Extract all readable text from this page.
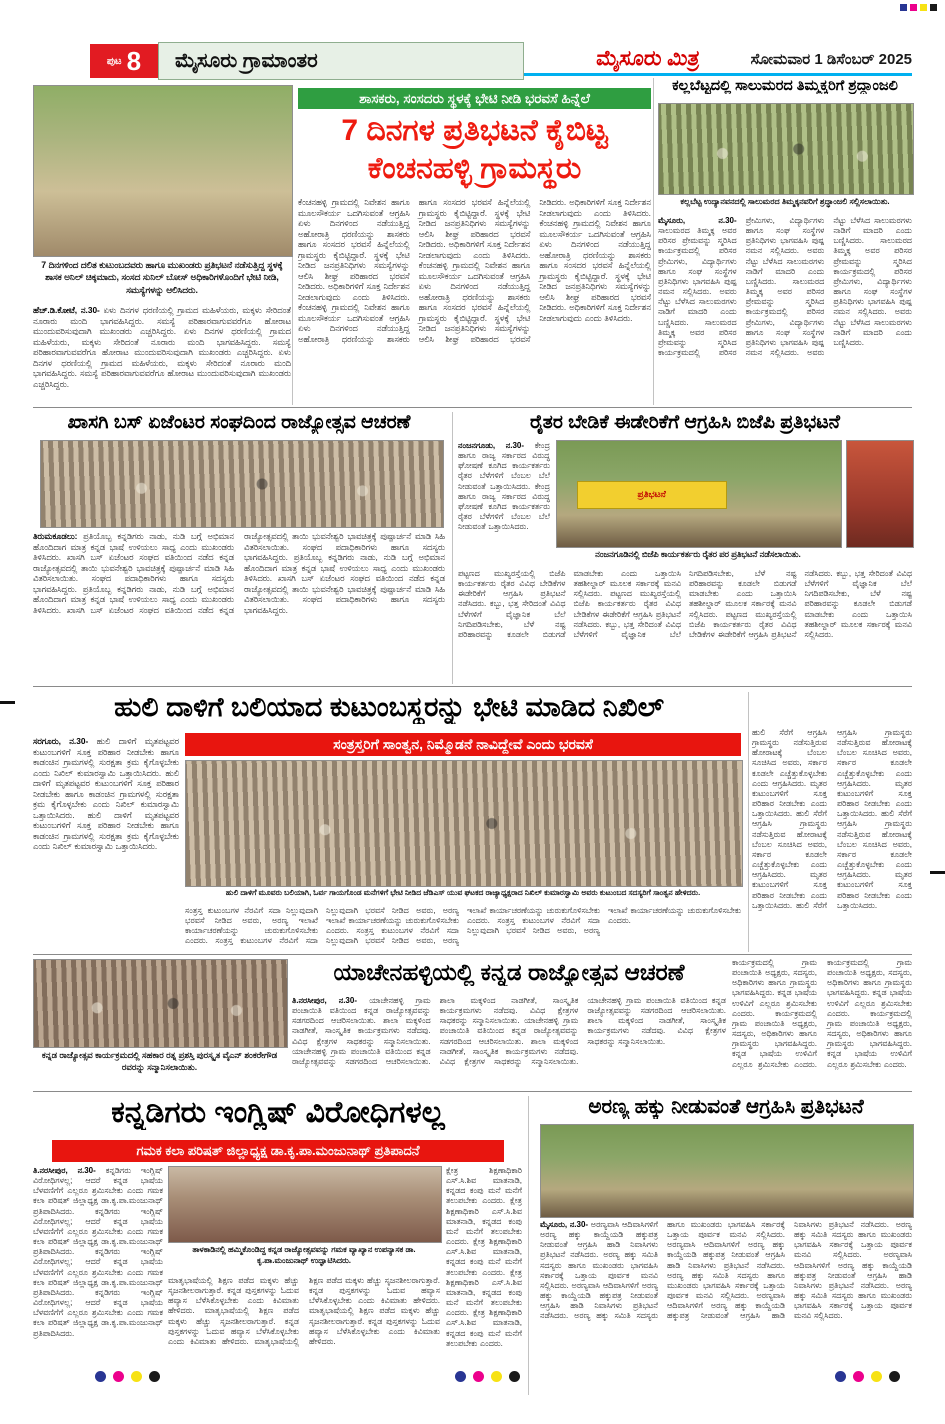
ಪುಟ 8 ಮೈಸೂರು ಗ್ರಾಮಾಂತರ	ಮೈಸೂರು ಮಿತ್ರ	ಸೋಮವಾರ 1 ಡಿಸೆಂಬರ್ 2025
7 ದಿನಗಳಿಂದ ದಲಿತ ಕುಟುಂಬದವರು ಹಾಗೂ ಮುಖಂಡರು ಪ್ರತಿಭಟನೆ ನಡೆಸುತ್ತಿದ್ದ ಸ್ಥಳಕ್ಕೆ ಶಾಸಕ ಅನಿಲ್ ಚಿಕ್ಕಮಾದು, ಸಂಸದ ಸುನಿಲ್ ಬೋಸ್ ಅಧಿಕಾರಿಗಳೊಂದಿಗೆ ಭೇಟಿ ನೀಡಿ, ಸಮಸ್ಯೆಗಳನ್ನು ಆಲಿಸಿದರು.
ಹೆಚ್.ಡಿ.ಕೋಟೆ, ನ.30- ಏಳು ದಿನಗಳ ಧರಣಿಯಲ್ಲಿ ಗ್ರಾಮದ ಮಹಿಳೆಯರು, ಮಕ್ಕಳು ಸೇರಿದಂತೆ ನೂರಾರು ಮಂದಿ ಭಾಗವಹಿಸಿದ್ದರು. ಸಮಸ್ಯೆ ಪರಿಹಾರವಾಗುವವರೆಗೂ ಹೋರಾಟ ಮುಂದುವರಿಸುವುದಾಗಿ ಮುಖಂಡರು ಎಚ್ಚರಿಸಿದ್ದರು. ಏಳು ದಿನಗಳ ಧರಣಿಯಲ್ಲಿ ಗ್ರಾಮದ ಮಹಿಳೆಯರು, ಮಕ್ಕಳು ಸೇರಿದಂತೆ ನೂರಾರು ಮಂದಿ ಭಾಗವಹಿಸಿದ್ದರು. ಸಮಸ್ಯೆ ಪರಿಹಾರವಾಗುವವರೆಗೂ ಹೋರಾಟ ಮುಂದುವರಿಸುವುದಾಗಿ ಮುಖಂಡರು ಎಚ್ಚರಿಸಿದ್ದರು. ಏಳು ದಿನಗಳ ಧರಣಿಯಲ್ಲಿ ಗ್ರಾಮದ ಮಹಿಳೆಯರು, ಮಕ್ಕಳು ಸೇರಿದಂತೆ ನೂರಾರು ಮಂದಿ ಭಾಗವಹಿಸಿದ್ದರು. ಸಮಸ್ಯೆ ಪರಿಹಾರವಾಗುವವರೆಗೂ ಹೋರಾಟ ಮುಂದುವರಿಸುವುದಾಗಿ ಮುಖಂಡರು ಎಚ್ಚರಿಸಿದ್ದರು.
ಶಾಸಕರು, ಸಂಸದರು ಸ್ಥಳಕ್ಕೆ ಭೇಟಿ ನೀಡಿ ಭರವಸೆ ಹಿನ್ನೆಲೆ
7 ದಿನಗಳ ಪ್ರತಿಭಟನೆ ಕೈಬಿಟ್ಟ
ಕೆಂಚನಹಳ್ಳಿ ಗ್ರಾಮಸ್ಥರು
ಕೆಂಚನಹಳ್ಳಿ ಗ್ರಾಮದಲ್ಲಿ ನಿವೇಶನ ಹಾಗೂ ಮೂಲಸೌಕರ್ಯ ಒದಗಿಸುವಂತೆ ಆಗ್ರಹಿಸಿ ಏಳು ದಿನಗಳಿಂದ ನಡೆಯುತ್ತಿದ್ದ ಅಹೋರಾತ್ರಿ ಧರಣಿಯನ್ನು ಶಾಸಕರು ಹಾಗೂ ಸಂಸದರ ಭರವಸೆ ಹಿನ್ನೆಲೆಯಲ್ಲಿ ಗ್ರಾಮಸ್ಥರು ಕೈಬಿಟ್ಟಿದ್ದಾರೆ. ಸ್ಥಳಕ್ಕೆ ಭೇಟಿ ನೀಡಿದ ಜನಪ್ರತಿನಿಧಿಗಳು ಸಮಸ್ಯೆಗಳನ್ನು ಆಲಿಸಿ ಶೀಘ್ರ ಪರಿಹಾರದ ಭರವಸೆ ನೀಡಿದರು. ಅಧಿಕಾರಿಗಳಿಗೆ ಸೂಕ್ತ ನಿರ್ದೇಶನ ನೀಡಲಾಗುವುದು ಎಂದು ತಿಳಿಸಿದರು. ಕೆಂಚನಹಳ್ಳಿ ಗ್ರಾಮದಲ್ಲಿ ನಿವೇಶನ ಹಾಗೂ ಮೂಲಸೌಕರ್ಯ ಒದಗಿಸುವಂತೆ ಆಗ್ರಹಿಸಿ ಏಳು ದಿನಗಳಿಂದ ನಡೆಯುತ್ತಿದ್ದ ಅಹೋರಾತ್ರಿ ಧರಣಿಯನ್ನು ಶಾಸಕರು ಹಾಗೂ ಸಂಸದರ ಭರವಸೆ ಹಿನ್ನೆಲೆಯಲ್ಲಿ ಗ್ರಾಮಸ್ಥರು ಕೈಬಿಟ್ಟಿದ್ದಾರೆ. ಸ್ಥಳಕ್ಕೆ ಭೇಟಿ ನೀಡಿದ ಜನಪ್ರತಿನಿಧಿಗಳು ಸಮಸ್ಯೆಗಳನ್ನು ಆಲಿಸಿ ಶೀಘ್ರ ಪರಿಹಾರದ ಭರವಸೆ ನೀಡಿದರು. ಅಧಿಕಾರಿಗಳಿಗೆ ಸೂಕ್ತ ನಿರ್ದೇಶನ ನೀಡಲಾಗುವುದು ಎಂದು ತಿಳಿಸಿದರು. ಕೆಂಚನಹಳ್ಳಿ ಗ್ರಾಮದಲ್ಲಿ ನಿವೇಶನ ಹಾಗೂ ಮೂಲಸೌಕರ್ಯ ಒದಗಿಸುವಂತೆ ಆಗ್ರಹಿಸಿ ಏಳು ದಿನಗಳಿಂದ ನಡೆಯುತ್ತಿದ್ದ ಅಹೋರಾತ್ರಿ ಧರಣಿಯನ್ನು ಶಾಸಕರು ಹಾಗೂ ಸಂಸದರ ಭರವಸೆ ಹಿನ್ನೆಲೆಯಲ್ಲಿ ಗ್ರಾಮಸ್ಥರು ಕೈಬಿಟ್ಟಿದ್ದಾರೆ. ಸ್ಥಳಕ್ಕೆ ಭೇಟಿ ನೀಡಿದ ಜನಪ್ರತಿನಿಧಿಗಳು ಸಮಸ್ಯೆಗಳನ್ನು ಆಲಿಸಿ ಶೀಘ್ರ ಪರಿಹಾರದ ಭರವಸೆ ನೀಡಿದರು. ಅಧಿಕಾರಿಗಳಿಗೆ ಸೂಕ್ತ ನಿರ್ದೇಶನ ನೀಡಲಾಗುವುದು ಎಂದು ತಿಳಿಸಿದರು. ಕೆಂಚನಹಳ್ಳಿ ಗ್ರಾಮದಲ್ಲಿ ನಿವೇಶನ ಹಾಗೂ ಮೂಲಸೌಕರ್ಯ ಒದಗಿಸುವಂತೆ ಆಗ್ರಹಿಸಿ ಏಳು ದಿನಗಳಿಂದ ನಡೆಯುತ್ತಿದ್ದ ಅಹೋರಾತ್ರಿ ಧರಣಿಯನ್ನು ಶಾಸಕರು ಹಾಗೂ ಸಂಸದರ ಭರವಸೆ ಹಿನ್ನೆಲೆಯಲ್ಲಿ ಗ್ರಾಮಸ್ಥರು ಕೈಬಿಟ್ಟಿದ್ದಾರೆ. ಸ್ಥಳಕ್ಕೆ ಭೇಟಿ ನೀಡಿದ ಜನಪ್ರತಿನಿಧಿಗಳು ಸಮಸ್ಯೆಗಳನ್ನು ಆಲಿಸಿ ಶೀಘ್ರ ಪರಿಹಾರದ ಭರವಸೆ ನೀಡಿದರು. ಅಧಿಕಾರಿಗಳಿಗೆ ಸೂಕ್ತ ನಿರ್ದೇಶನ ನೀಡಲಾಗುವುದು ಎಂದು ತಿಳಿಸಿದರು.
ಕಲ್ಲಬೆಟ್ಟದಲ್ಲಿ ಸಾಲುಮರದ ತಿಮ್ಮಕ್ಕರಿಗೆ ಶ್ರದ್ಧಾಂಜಲಿ
ಕಲ್ಲಬೆಟ್ಟ ಉದ್ಯಾನವನದಲ್ಲಿ ಸಾಲುಮರದ ತಿಮ್ಮಕ್ಕನವರಿಗೆ ಶ್ರದ್ಧಾಂಜಲಿ ಸಲ್ಲಿಸಲಾಯಿತು.
ಮೈಸೂರು, ನ.30- ಸಾಲುಮರದ ತಿಮ್ಮಕ್ಕ ಅವರ ಪರಿಸರ ಪ್ರೇಮವನ್ನು ಸ್ಮರಿಸಿದ ಕಾರ್ಯಕ್ರಮದಲ್ಲಿ ಪರಿಸರ ಪ್ರೇಮಿಗಳು, ವಿದ್ಯಾರ್ಥಿಗಳು ಹಾಗೂ ಸಂಘ ಸಂಸ್ಥೆಗಳ ಪ್ರತಿನಿಧಿಗಳು ಭಾಗವಹಿಸಿ ಪುಷ್ಪ ನಮನ ಸಲ್ಲಿಸಿದರು. ಅವರು ನೆಟ್ಟು ಬೆಳೆಸಿದ ಸಾಲುಮರಗಳು ನಾಡಿಗೆ ಮಾದರಿ ಎಂದು ಬಣ್ಣಿಸಿದರು. ಸಾಲುಮರದ ತಿಮ್ಮಕ್ಕ ಅವರ ಪರಿಸರ ಪ್ರೇಮವನ್ನು ಸ್ಮರಿಸಿದ ಕಾರ್ಯಕ್ರಮದಲ್ಲಿ ಪರಿಸರ ಪ್ರೇಮಿಗಳು, ವಿದ್ಯಾರ್ಥಿಗಳು ಹಾಗೂ ಸಂಘ ಸಂಸ್ಥೆಗಳ ಪ್ರತಿನಿಧಿಗಳು ಭಾಗವಹಿಸಿ ಪುಷ್ಪ ನಮನ ಸಲ್ಲಿಸಿದರು. ಅವರು ನೆಟ್ಟು ಬೆಳೆಸಿದ ಸಾಲುಮರಗಳು ನಾಡಿಗೆ ಮಾದರಿ ಎಂದು ಬಣ್ಣಿಸಿದರು. ಸಾಲುಮರದ ತಿಮ್ಮಕ್ಕ ಅವರ ಪರಿಸರ ಪ್ರೇಮವನ್ನು ಸ್ಮರಿಸಿದ ಕಾರ್ಯಕ್ರಮದಲ್ಲಿ ಪರಿಸರ ಪ್ರೇಮಿಗಳು, ವಿದ್ಯಾರ್ಥಿಗಳು ಹಾಗೂ ಸಂಘ ಸಂಸ್ಥೆಗಳ ಪ್ರತಿನಿಧಿಗಳು ಭಾಗವಹಿಸಿ ಪುಷ್ಪ ನಮನ ಸಲ್ಲಿಸಿದರು. ಅವರು ನೆಟ್ಟು ಬೆಳೆಸಿದ ಸಾಲುಮರಗಳು ನಾಡಿಗೆ ಮಾದರಿ ಎಂದು ಬಣ್ಣಿಸಿದರು. ಸಾಲುಮರದ ತಿಮ್ಮಕ್ಕ ಅವರ ಪರಿಸರ ಪ್ರೇಮವನ್ನು ಸ್ಮರಿಸಿದ ಕಾರ್ಯಕ್ರಮದಲ್ಲಿ ಪರಿಸರ ಪ್ರೇಮಿಗಳು, ವಿದ್ಯಾರ್ಥಿಗಳು ಹಾಗೂ ಸಂಘ ಸಂಸ್ಥೆಗಳ ಪ್ರತಿನಿಧಿಗಳು ಭಾಗವಹಿಸಿ ಪುಷ್ಪ ನಮನ ಸಲ್ಲಿಸಿದರು. ಅವರು ನೆಟ್ಟು ಬೆಳೆಸಿದ ಸಾಲುಮರಗಳು ನಾಡಿಗೆ ಮಾದರಿ ಎಂದು ಬಣ್ಣಿಸಿದರು.
ಖಾಸಗಿ ಬಸ್ ಏಜೆಂಟರ ಸಂಘದಿಂದ ರಾಜ್ಯೋತ್ಸವ ಆಚರಣೆ
ತಿರುಮಕೂಡಲು: ಪ್ರತಿಯೊಬ್ಬ ಕನ್ನಡಿಗರು ನಾಡು, ನುಡಿ ಬಗ್ಗೆ ಅಭಿಮಾನ ಹೊಂದಿದಾಗ ಮಾತ್ರ ಕನ್ನಡ ಭಾಷೆ ಉಳಿಯಲು ಸಾಧ್ಯ ಎಂದು ಮುಖಂಡರು ತಿಳಿಸಿದರು. ಖಾಸಗಿ ಬಸ್ ಏಜೆಂಟರ ಸಂಘದ ವತಿಯಿಂದ ನಡೆದ ಕನ್ನಡ ರಾಜ್ಯೋತ್ಸವದಲ್ಲಿ ತಾಯಿ ಭುವನೇಶ್ವರಿ ಭಾವಚಿತ್ರಕ್ಕೆ ಪುಷ್ಪಾರ್ಚನೆ ಮಾಡಿ ಸಿಹಿ ವಿತರಿಸಲಾಯಿತು. ಸಂಘದ ಪದಾಧಿಕಾರಿಗಳು ಹಾಗೂ ಸದಸ್ಯರು ಭಾಗವಹಿಸಿದ್ದರು. ಪ್ರತಿಯೊಬ್ಬ ಕನ್ನಡಿಗರು ನಾಡು, ನುಡಿ ಬಗ್ಗೆ ಅಭಿಮಾನ ಹೊಂದಿದಾಗ ಮಾತ್ರ ಕನ್ನಡ ಭಾಷೆ ಉಳಿಯಲು ಸಾಧ್ಯ ಎಂದು ಮುಖಂಡರು ತಿಳಿಸಿದರು. ಖಾಸಗಿ ಬಸ್ ಏಜೆಂಟರ ಸಂಘದ ವತಿಯಿಂದ ನಡೆದ ಕನ್ನಡ ರಾಜ್ಯೋತ್ಸವದಲ್ಲಿ ತಾಯಿ ಭುವನೇಶ್ವರಿ ಭಾವಚಿತ್ರಕ್ಕೆ ಪುಷ್ಪಾರ್ಚನೆ ಮಾಡಿ ಸಿಹಿ ವಿತರಿಸಲಾಯಿತು. ಸಂಘದ ಪದಾಧಿಕಾರಿಗಳು ಹಾಗೂ ಸದಸ್ಯರು ಭಾಗವಹಿಸಿದ್ದರು. ಪ್ರತಿಯೊಬ್ಬ ಕನ್ನಡಿಗರು ನಾಡು, ನುಡಿ ಬಗ್ಗೆ ಅಭಿಮಾನ ಹೊಂದಿದಾಗ ಮಾತ್ರ ಕನ್ನಡ ಭಾಷೆ ಉಳಿಯಲು ಸಾಧ್ಯ ಎಂದು ಮುಖಂಡರು ತಿಳಿಸಿದರು. ಖಾಸಗಿ ಬಸ್ ಏಜೆಂಟರ ಸಂಘದ ವತಿಯಿಂದ ನಡೆದ ಕನ್ನಡ ರಾಜ್ಯೋತ್ಸವದಲ್ಲಿ ತಾಯಿ ಭುವನೇಶ್ವರಿ ಭಾವಚಿತ್ರಕ್ಕೆ ಪುಷ್ಪಾರ್ಚನೆ ಮಾಡಿ ಸಿಹಿ ವಿತರಿಸಲಾಯಿತು. ಸಂಘದ ಪದಾಧಿಕಾರಿಗಳು ಹಾಗೂ ಸದಸ್ಯರು ಭಾಗವಹಿಸಿದ್ದರು.
ರೈತರ ಬೇಡಿಕೆ ಈಡೇರಿಕೆಗೆ ಆಗ್ರಹಿಸಿ ಬಿಜೆಪಿ ಪ್ರತಿಭಟನೆ
ನಂಜನಗೂಡು, ನ.30- ಕೇಂದ್ರ ಹಾಗೂ ರಾಜ್ಯ ಸರ್ಕಾರದ ವಿರುದ್ಧ ಘೋಷಣೆ ಕೂಗಿದ ಕಾರ್ಯಕರ್ತರು ರೈತರ ಬೆಳೆಗಳಿಗೆ ಬೆಂಬಲ ಬೆಲೆ ನೀಡುವಂತೆ ಒತ್ತಾಯಿಸಿದರು. ಕೇಂದ್ರ ಹಾಗೂ ರಾಜ್ಯ ಸರ್ಕಾರದ ವಿರುದ್ಧ ಘೋಷಣೆ ಕೂಗಿದ ಕಾರ್ಯಕರ್ತರು ರೈತರ ಬೆಳೆಗಳಿಗೆ ಬೆಂಬಲ ಬೆಲೆ ನೀಡುವಂತೆ ಒತ್ತಾಯಿಸಿದರು.
ಪ್ರತಿಭಟನೆ
ನಂಜನಗೂಡಿನಲ್ಲಿ ಬಿಜೆಪಿ ಕಾರ್ಯಕರ್ತರು ರೈತರ ಪರ ಪ್ರತಿಭಟನೆ ನಡೆಸಲಾಯಿತು.
ಪಟ್ಟಣದ ಮುಖ್ಯರಸ್ತೆಯಲ್ಲಿ ಬಿಜೆಪಿ ಕಾರ್ಯಕರ್ತರು ರೈತರ ವಿವಿಧ ಬೇಡಿಕೆಗಳ ಈಡೇರಿಕೆಗೆ ಆಗ್ರಹಿಸಿ ಪ್ರತಿಭಟನೆ ನಡೆಸಿದರು. ಕಬ್ಬು, ಭತ್ತ ಸೇರಿದಂತೆ ವಿವಿಧ ಬೆಳೆಗಳಿಗೆ ವೈಜ್ಞಾನಿಕ ಬೆಲೆ ನಿಗದಿಪಡಿಸಬೇಕು, ಬೆಳೆ ನಷ್ಟ ಪರಿಹಾರವನ್ನು ಕೂಡಲೇ ಬಿಡುಗಡೆ ಮಾಡಬೇಕು ಎಂದು ಒತ್ತಾಯಿಸಿ ತಹಶೀಲ್ದಾರ್ ಮೂಲಕ ಸರ್ಕಾರಕ್ಕೆ ಮನವಿ ಸಲ್ಲಿಸಿದರು. ಪಟ್ಟಣದ ಮುಖ್ಯರಸ್ತೆಯಲ್ಲಿ ಬಿಜೆಪಿ ಕಾರ್ಯಕರ್ತರು ರೈತರ ವಿವಿಧ ಬೇಡಿಕೆಗಳ ಈಡೇರಿಕೆಗೆ ಆಗ್ರಹಿಸಿ ಪ್ರತಿಭಟನೆ ನಡೆಸಿದರು. ಕಬ್ಬು, ಭತ್ತ ಸೇರಿದಂತೆ ವಿವಿಧ ಬೆಳೆಗಳಿಗೆ ವೈಜ್ಞಾನಿಕ ಬೆಲೆ ನಿಗದಿಪಡಿಸಬೇಕು, ಬೆಳೆ ನಷ್ಟ ಪರಿಹಾರವನ್ನು ಕೂಡಲೇ ಬಿಡುಗಡೆ ಮಾಡಬೇಕು ಎಂದು ಒತ್ತಾಯಿಸಿ ತಹಶೀಲ್ದಾರ್ ಮೂಲಕ ಸರ್ಕಾರಕ್ಕೆ ಮನವಿ ಸಲ್ಲಿಸಿದರು. ಪಟ್ಟಣದ ಮುಖ್ಯರಸ್ತೆಯಲ್ಲಿ ಬಿಜೆಪಿ ಕಾರ್ಯಕರ್ತರು ರೈತರ ವಿವಿಧ ಬೇಡಿಕೆಗಳ ಈಡೇರಿಕೆಗೆ ಆಗ್ರಹಿಸಿ ಪ್ರತಿಭಟನೆ ನಡೆಸಿದರು. ಕಬ್ಬು, ಭತ್ತ ಸೇರಿದಂತೆ ವಿವಿಧ ಬೆಳೆಗಳಿಗೆ ವೈಜ್ಞಾನಿಕ ಬೆಲೆ ನಿಗದಿಪಡಿಸಬೇಕು, ಬೆಳೆ ನಷ್ಟ ಪರಿಹಾರವನ್ನು ಕೂಡಲೇ ಬಿಡುಗಡೆ ಮಾಡಬೇಕು ಎಂದು ಒತ್ತಾಯಿಸಿ ತಹಶೀಲ್ದಾರ್ ಮೂಲಕ ಸರ್ಕಾರಕ್ಕೆ ಮನವಿ ಸಲ್ಲಿಸಿದರು.
ಹುಲಿ ದಾಳಿಗೆ ಬಲಿಯಾದ ಕುಟುಂಬಸ್ಥರನ್ನು ಭೇಟಿ ಮಾಡಿದ ನಿಖಿಲ್
ಸಂತ್ರಸ್ತರಿಗೆ ಸಾಂತ್ವನ, ನಿಮ್ಮೊಡನೆ ನಾವಿದ್ದೇವೆ ಎಂದು ಭರವಸೆ
ಸರಗೂರು, ನ.30- ಹುಲಿ ದಾಳಿಗೆ ಮೃತಪಟ್ಟವರ ಕುಟುಂಬಗಳಿಗೆ ಸೂಕ್ತ ಪರಿಹಾರ ನೀಡಬೇಕು ಹಾಗೂ ಕಾಡಂಚಿನ ಗ್ರಾಮಗಳಲ್ಲಿ ಸುರಕ್ಷತಾ ಕ್ರಮ ಕೈಗೊಳ್ಳಬೇಕು ಎಂದು ನಿಖಿಲ್ ಕುಮಾರಸ್ವಾಮಿ ಒತ್ತಾಯಿಸಿದರು. ಹುಲಿ ದಾಳಿಗೆ ಮೃತಪಟ್ಟವರ ಕುಟುಂಬಗಳಿಗೆ ಸೂಕ್ತ ಪರಿಹಾರ ನೀಡಬೇಕು ಹಾಗೂ ಕಾಡಂಚಿನ ಗ್ರಾಮಗಳಲ್ಲಿ ಸುರಕ್ಷತಾ ಕ್ರಮ ಕೈಗೊಳ್ಳಬೇಕು ಎಂದು ನಿಖಿಲ್ ಕುಮಾರಸ್ವಾಮಿ ಒತ್ತಾಯಿಸಿದರು. ಹುಲಿ ದಾಳಿಗೆ ಮೃತಪಟ್ಟವರ ಕುಟುಂಬಗಳಿಗೆ ಸೂಕ್ತ ಪರಿಹಾರ ನೀಡಬೇಕು ಹಾಗೂ ಕಾಡಂಚಿನ ಗ್ರಾಮಗಳಲ್ಲಿ ಸುರಕ್ಷತಾ ಕ್ರಮ ಕೈಗೊಳ್ಳಬೇಕು ಎಂದು ನಿಖಿಲ್ ಕುಮಾರಸ್ವಾಮಿ ಒತ್ತಾಯಿಸಿದರು.
ಹುಲಿ ದಾಳಿಗೆ ಮೂವರು ಬಲಿಯಾಗಿ, ಓರ್ವ ಗಾಯಗೊಂಡ ಮನೆಗಳಿಗೆ ಭೇಟಿ ನೀಡಿದ ಜೆಡಿಎಸ್ ಯುವ ಘಟಕದ ರಾಜ್ಯಾಧ್ಯಕ್ಷರಾದ ನಿಖಿಲ್ ಕುಮಾರಸ್ವಾಮಿ ಅವರು ಕುಟುಂಬದ ಸದಸ್ಯರಿಗೆ ಸಾಂತ್ವನ ಹೇಳಿದರು.
ಸಂತ್ರಸ್ತ ಕುಟುಂಬಗಳ ನೆರವಿಗೆ ಸದಾ ನಿಲ್ಲುವುದಾಗಿ ಭರವಸೆ ನೀಡಿದ ಅವರು, ಅರಣ್ಯ ಇಲಾಖೆ ಕಾರ್ಯಾಚರಣೆಯನ್ನು ಚುರುಕುಗೊಳಿಸಬೇಕು ಎಂದರು. ಸಂತ್ರಸ್ತ ಕುಟುಂಬಗಳ ನೆರವಿಗೆ ಸದಾ ನಿಲ್ಲುವುದಾಗಿ ಭರವಸೆ ನೀಡಿದ ಅವರು, ಅರಣ್ಯ ಇಲಾಖೆ ಕಾರ್ಯಾಚರಣೆಯನ್ನು ಚುರುಕುಗೊಳಿಸಬೇಕು ಎಂದರು. ಸಂತ್ರಸ್ತ ಕುಟುಂಬಗಳ ನೆರವಿಗೆ ಸದಾ ನಿಲ್ಲುವುದಾಗಿ ಭರವಸೆ ನೀಡಿದ ಅವರು, ಅರಣ್ಯ ಇಲಾಖೆ ಕಾರ್ಯಾಚರಣೆಯನ್ನು ಚುರುಕುಗೊಳಿಸಬೇಕು ಎಂದರು. ಸಂತ್ರಸ್ತ ಕುಟುಂಬಗಳ ನೆರವಿಗೆ ಸದಾ ನಿಲ್ಲುವುದಾಗಿ ಭರವಸೆ ನೀಡಿದ ಅವರು, ಅರಣ್ಯ ಇಲಾಖೆ ಕಾರ್ಯಾಚರಣೆಯನ್ನು ಚುರುಕುಗೊಳಿಸಬೇಕು ಎಂದರು.
ಹುಲಿ ಸೆರೆಗೆ ಆಗ್ರಹಿಸಿ ಗ್ರಾಮಸ್ಥರು ನಡೆಸುತ್ತಿರುವ ಹೋರಾಟಕ್ಕೆ ಬೆಂಬಲ ಸೂಚಿಸಿದ ಅವರು, ಸರ್ಕಾರ ಕೂಡಲೇ ಎಚ್ಚೆತ್ತುಕೊಳ್ಳಬೇಕು ಎಂದು ಆಗ್ರಹಿಸಿದರು. ಮೃತರ ಕುಟುಂಬಗಳಿಗೆ ಸೂಕ್ತ ಪರಿಹಾರ ನೀಡಬೇಕು ಎಂದು ಒತ್ತಾಯಿಸಿದರು. ಹುಲಿ ಸೆರೆಗೆ ಆಗ್ರಹಿಸಿ ಗ್ರಾಮಸ್ಥರು ನಡೆಸುತ್ತಿರುವ ಹೋರಾಟಕ್ಕೆ ಬೆಂಬಲ ಸೂಚಿಸಿದ ಅವರು, ಸರ್ಕಾರ ಕೂಡಲೇ ಎಚ್ಚೆತ್ತುಕೊಳ್ಳಬೇಕು ಎಂದು ಆಗ್ರಹಿಸಿದರು. ಮೃತರ ಕುಟುಂಬಗಳಿಗೆ ಸೂಕ್ತ ಪರಿಹಾರ ನೀಡಬೇಕು ಎಂದು ಒತ್ತಾಯಿಸಿದರು. ಹುಲಿ ಸೆರೆಗೆ ಆಗ್ರಹಿಸಿ ಗ್ರಾಮಸ್ಥರು ನಡೆಸುತ್ತಿರುವ ಹೋರಾಟಕ್ಕೆ ಬೆಂಬಲ ಸೂಚಿಸಿದ ಅವರು, ಸರ್ಕಾರ ಕೂಡಲೇ ಎಚ್ಚೆತ್ತುಕೊಳ್ಳಬೇಕು ಎಂದು ಆಗ್ರಹಿಸಿದರು. ಮೃತರ ಕುಟುಂಬಗಳಿಗೆ ಸೂಕ್ತ ಪರಿಹಾರ ನೀಡಬೇಕು ಎಂದು ಒತ್ತಾಯಿಸಿದರು. ಹುಲಿ ಸೆರೆಗೆ ಆಗ್ರಹಿಸಿ ಗ್ರಾಮಸ್ಥರು ನಡೆಸುತ್ತಿರುವ ಹೋರಾಟಕ್ಕೆ ಬೆಂಬಲ ಸೂಚಿಸಿದ ಅವರು, ಸರ್ಕಾರ ಕೂಡಲೇ ಎಚ್ಚೆತ್ತುಕೊಳ್ಳಬೇಕು ಎಂದು ಆಗ್ರಹಿಸಿದರು. ಮೃತರ ಕುಟುಂಬಗಳಿಗೆ ಸೂಕ್ತ ಪರಿಹಾರ ನೀಡಬೇಕು ಎಂದು ಒತ್ತಾಯಿಸಿದರು.
ಕನ್ನಡ ರಾಜ್ಯೋತ್ಸವ ಕಾರ್ಯಕ್ರಮದಲ್ಲಿ ಸಹಕಾರ ರತ್ನ ಪ್ರಶಸ್ತಿ ಪುರಸ್ಕೃತ ವೈಎನ್ ಶಂಕರೇಗೌಡ ರವರನ್ನು ಸನ್ಮಾನಿಸಲಾಯಿತು.
ಯಾಚೇನಹಳ್ಳಿಯಲ್ಲಿ ಕನ್ನಡ ರಾಜ್ಯೋತ್ಸವ ಆಚರಣೆ
ತಿ.ನರಸೀಪುರ, ನ.30- ಯಾಚೇನಹಳ್ಳಿ ಗ್ರಾಮ ಪಂಚಾಯಿತಿ ವತಿಯಿಂದ ಕನ್ನಡ ರಾಜ್ಯೋತ್ಸವವನ್ನು ಸಡಗರದಿಂದ ಆಚರಿಸಲಾಯಿತು. ಶಾಲಾ ಮಕ್ಕಳಿಂದ ನಾಡಗೀತೆ, ಸಾಂಸ್ಕೃತಿಕ ಕಾರ್ಯಕ್ರಮಗಳು ನಡೆದವು. ವಿವಿಧ ಕ್ಷೇತ್ರಗಳ ಸಾಧಕರನ್ನು ಸನ್ಮಾನಿಸಲಾಯಿತು. ಯಾಚೇನಹಳ್ಳಿ ಗ್ರಾಮ ಪಂಚಾಯಿತಿ ವತಿಯಿಂದ ಕನ್ನಡ ರಾಜ್ಯೋತ್ಸವವನ್ನು ಸಡಗರದಿಂದ ಆಚರಿಸಲಾಯಿತು. ಶಾಲಾ ಮಕ್ಕಳಿಂದ ನಾಡಗೀತೆ, ಸಾಂಸ್ಕೃತಿಕ ಕಾರ್ಯಕ್ರಮಗಳು ನಡೆದವು. ವಿವಿಧ ಕ್ಷೇತ್ರಗಳ ಸಾಧಕರನ್ನು ಸನ್ಮಾನಿಸಲಾಯಿತು. ಯಾಚೇನಹಳ್ಳಿ ಗ್ರಾಮ ಪಂಚಾಯಿತಿ ವತಿಯಿಂದ ಕನ್ನಡ ರಾಜ್ಯೋತ್ಸವವನ್ನು ಸಡಗರದಿಂದ ಆಚರಿಸಲಾಯಿತು. ಶಾಲಾ ಮಕ್ಕಳಿಂದ ನಾಡಗೀತೆ, ಸಾಂಸ್ಕೃತಿಕ ಕಾರ್ಯಕ್ರಮಗಳು ನಡೆದವು. ವಿವಿಧ ಕ್ಷೇತ್ರಗಳ ಸಾಧಕರನ್ನು ಸನ್ಮಾನಿಸಲಾಯಿತು. ಯಾಚೇನಹಳ್ಳಿ ಗ್ರಾಮ ಪಂಚಾಯಿತಿ ವತಿಯಿಂದ ಕನ್ನಡ ರಾಜ್ಯೋತ್ಸವವನ್ನು ಸಡಗರದಿಂದ ಆಚರಿಸಲಾಯಿತು. ಶಾಲಾ ಮಕ್ಕಳಿಂದ ನಾಡಗೀತೆ, ಸಾಂಸ್ಕೃತಿಕ ಕಾರ್ಯಕ್ರಮಗಳು ನಡೆದವು. ವಿವಿಧ ಕ್ಷೇತ್ರಗಳ ಸಾಧಕರನ್ನು ಸನ್ಮಾನಿಸಲಾಯಿತು.
ಕಾರ್ಯಕ್ರಮದಲ್ಲಿ ಗ್ರಾಮ ಪಂಚಾಯಿತಿ ಅಧ್ಯಕ್ಷರು, ಸದಸ್ಯರು, ಅಧಿಕಾರಿಗಳು ಹಾಗೂ ಗ್ರಾಮಸ್ಥರು ಭಾಗವಹಿಸಿದ್ದರು. ಕನ್ನಡ ಭಾಷೆಯ ಉಳಿವಿಗೆ ಎಲ್ಲರೂ ಶ್ರಮಿಸಬೇಕು ಎಂದರು. ಕಾರ್ಯಕ್ರಮದಲ್ಲಿ ಗ್ರಾಮ ಪಂಚಾಯಿತಿ ಅಧ್ಯಕ್ಷರು, ಸದಸ್ಯರು, ಅಧಿಕಾರಿಗಳು ಹಾಗೂ ಗ್ರಾಮಸ್ಥರು ಭಾಗವಹಿಸಿದ್ದರು. ಕನ್ನಡ ಭಾಷೆಯ ಉಳಿವಿಗೆ ಎಲ್ಲರೂ ಶ್ರಮಿಸಬೇಕು ಎಂದರು. ಕಾರ್ಯಕ್ರಮದಲ್ಲಿ ಗ್ರಾಮ ಪಂಚಾಯಿತಿ ಅಧ್ಯಕ್ಷರು, ಸದಸ್ಯರು, ಅಧಿಕಾರಿಗಳು ಹಾಗೂ ಗ್ರಾಮಸ್ಥರು ಭಾಗವಹಿಸಿದ್ದರು. ಕನ್ನಡ ಭಾಷೆಯ ಉಳಿವಿಗೆ ಎಲ್ಲರೂ ಶ್ರಮಿಸಬೇಕು ಎಂದರು. ಕಾರ್ಯಕ್ರಮದಲ್ಲಿ ಗ್ರಾಮ ಪಂಚಾಯಿತಿ ಅಧ್ಯಕ್ಷರು, ಸದಸ್ಯರು, ಅಧಿಕಾರಿಗಳು ಹಾಗೂ ಗ್ರಾಮಸ್ಥರು ಭಾಗವಹಿಸಿದ್ದರು. ಕನ್ನಡ ಭಾಷೆಯ ಉಳಿವಿಗೆ ಎಲ್ಲರೂ ಶ್ರಮಿಸಬೇಕು ಎಂದರು.
ಕನ್ನಡಿಗರು ಇಂಗ್ಲಿಷ್ ವಿರೋಧಿಗಳಲ್ಲ
ಗಮಕ ಕಲಾ ಪರಿಷತ್ ಜಿಲ್ಲಾಧ್ಯಕ್ಷ ಡಾ.ಕೃ.ಪಾ.ಮಂಜುನಾಥ್ ಪ್ರತಿಪಾದನೆ
ತಿ.ನರಸೀಪುರ, ನ.30- ಕನ್ನಡಿಗರು ಇಂಗ್ಲಿಷ್ ವಿರೋಧಿಗಳಲ್ಲ; ಆದರೆ ಕನ್ನಡ ಭಾಷೆಯ ಬೆಳವಣಿಗೆಗೆ ಎಲ್ಲರೂ ಶ್ರಮಿಸಬೇಕು ಎಂದು ಗಮಕ ಕಲಾ ಪರಿಷತ್ ಜಿಲ್ಲಾಧ್ಯಕ್ಷ ಡಾ.ಕೃ.ಪಾ.ಮಂಜುನಾಥ್ ಪ್ರತಿಪಾದಿಸಿದರು. ಕನ್ನಡಿಗರು ಇಂಗ್ಲಿಷ್ ವಿರೋಧಿಗಳಲ್ಲ; ಆದರೆ ಕನ್ನಡ ಭಾಷೆಯ ಬೆಳವಣಿಗೆಗೆ ಎಲ್ಲರೂ ಶ್ರಮಿಸಬೇಕು ಎಂದು ಗಮಕ ಕಲಾ ಪರಿಷತ್ ಜಿಲ್ಲಾಧ್ಯಕ್ಷ ಡಾ.ಕೃ.ಪಾ.ಮಂಜುನಾಥ್ ಪ್ರತಿಪಾದಿಸಿದರು. ಕನ್ನಡಿಗರು ಇಂಗ್ಲಿಷ್ ವಿರೋಧಿಗಳಲ್ಲ; ಆದರೆ ಕನ್ನಡ ಭಾಷೆಯ ಬೆಳವಣಿಗೆಗೆ ಎಲ್ಲರೂ ಶ್ರಮಿಸಬೇಕು ಎಂದು ಗಮಕ ಕಲಾ ಪರಿಷತ್ ಜಿಲ್ಲಾಧ್ಯಕ್ಷ ಡಾ.ಕೃ.ಪಾ.ಮಂಜುನಾಥ್ ಪ್ರತಿಪಾದಿಸಿದರು. ಕನ್ನಡಿಗರು ಇಂಗ್ಲಿಷ್ ವಿರೋಧಿಗಳಲ್ಲ; ಆದರೆ ಕನ್ನಡ ಭಾಷೆಯ ಬೆಳವಣಿಗೆಗೆ ಎಲ್ಲರೂ ಶ್ರಮಿಸಬೇಕು ಎಂದು ಗಮಕ ಕಲಾ ಪರಿಷತ್ ಜಿಲ್ಲಾಧ್ಯಕ್ಷ ಡಾ.ಕೃ.ಪಾ.ಮಂಜುನಾಥ್ ಪ್ರತಿಪಾದಿಸಿದರು.
ತಾಳಕಾಡಿನಲ್ಲಿ ಹಮ್ಮಿಕೊಂಡಿದ್ದ ಕನ್ನಡ ರಾಜ್ಯೋತ್ಸವವನ್ನು ಗಮಕ ವ್ಯಾಖ್ಯಾನ ಉಪನ್ಯಾಸಕ ಡಾ. ಕೃ.ಪಾ.ಮಂಜುನಾಥ್ ಉದ್ಘಾಟಿಸಿದರು.
ಮಾತೃಭಾಷೆಯಲ್ಲಿ ಶಿಕ್ಷಣ ಪಡೆದ ಮಕ್ಕಳು ಹೆಚ್ಚು ಸೃಜನಶೀಲರಾಗುತ್ತಾರೆ. ಕನ್ನಡ ಪುಸ್ತಕಗಳನ್ನು ಓದುವ ಹವ್ಯಾಸ ಬೆಳೆಸಿಕೊಳ್ಳಬೇಕು ಎಂದು ಕಿವಿಮಾತು ಹೇಳಿದರು. ಮಾತೃಭಾಷೆಯಲ್ಲಿ ಶಿಕ್ಷಣ ಪಡೆದ ಮಕ್ಕಳು ಹೆಚ್ಚು ಸೃಜನಶೀಲರಾಗುತ್ತಾರೆ. ಕನ್ನಡ ಪುಸ್ತಕಗಳನ್ನು ಓದುವ ಹವ್ಯಾಸ ಬೆಳೆಸಿಕೊಳ್ಳಬೇಕು ಎಂದು ಕಿವಿಮಾತು ಹೇಳಿದರು. ಮಾತೃಭಾಷೆಯಲ್ಲಿ ಶಿಕ್ಷಣ ಪಡೆದ ಮಕ್ಕಳು ಹೆಚ್ಚು ಸೃಜನಶೀಲರಾಗುತ್ತಾರೆ. ಕನ್ನಡ ಪುಸ್ತಕಗಳನ್ನು ಓದುವ ಹವ್ಯಾಸ ಬೆಳೆಸಿಕೊಳ್ಳಬೇಕು ಎಂದು ಕಿವಿಮಾತು ಹೇಳಿದರು. ಮಾತೃಭಾಷೆಯಲ್ಲಿ ಶಿಕ್ಷಣ ಪಡೆದ ಮಕ್ಕಳು ಹೆಚ್ಚು ಸೃಜನಶೀಲರಾಗುತ್ತಾರೆ. ಕನ್ನಡ ಪುಸ್ತಕಗಳನ್ನು ಓದುವ ಹವ್ಯಾಸ ಬೆಳೆಸಿಕೊಳ್ಳಬೇಕು ಎಂದು ಕಿವಿಮಾತು ಹೇಳಿದರು.
ಕ್ಷೇತ್ರ ಶಿಕ್ಷಣಾಧಿಕಾರಿ ಎಸ್.ಸಿ.ಶಿವ ಮಾತನಾಡಿ, ಕನ್ನಡದ ಕಂಪು ಮನೆ ಮನೆಗೆ ತಲುಪಬೇಕು ಎಂದರು. ಕ್ಷೇತ್ರ ಶಿಕ್ಷಣಾಧಿಕಾರಿ ಎಸ್.ಸಿ.ಶಿವ ಮಾತನಾಡಿ, ಕನ್ನಡದ ಕಂಪು ಮನೆ ಮನೆಗೆ ತಲುಪಬೇಕು ಎಂದರು. ಕ್ಷೇತ್ರ ಶಿಕ್ಷಣಾಧಿಕಾರಿ ಎಸ್.ಸಿ.ಶಿವ ಮಾತನಾಡಿ, ಕನ್ನಡದ ಕಂಪು ಮನೆ ಮನೆಗೆ ತಲುಪಬೇಕು ಎಂದರು. ಕ್ಷೇತ್ರ ಶಿಕ್ಷಣಾಧಿಕಾರಿ ಎಸ್.ಸಿ.ಶಿವ ಮಾತನಾಡಿ, ಕನ್ನಡದ ಕಂಪು ಮನೆ ಮನೆಗೆ ತಲುಪಬೇಕು ಎಂದರು. ಕ್ಷೇತ್ರ ಶಿಕ್ಷಣಾಧಿಕಾರಿ ಎಸ್.ಸಿ.ಶಿವ ಮಾತನಾಡಿ, ಕನ್ನಡದ ಕಂಪು ಮನೆ ಮನೆಗೆ ತಲುಪಬೇಕು ಎಂದರು.
ಅರಣ್ಯ ಹಕ್ಕು ನೀಡುವಂತೆ ಆಗ್ರಹಿಸಿ ಪ್ರತಿಭಟನೆ
ಮೈಸೂರು, ನ.30- ಅರಣ್ಯವಾಸಿ ಆದಿವಾಸಿಗಳಿಗೆ ಅರಣ್ಯ ಹಕ್ಕು ಕಾಯ್ದೆಯಡಿ ಹಕ್ಕುಪತ್ರ ನೀಡುವಂತೆ ಆಗ್ರಹಿಸಿ ಹಾಡಿ ನಿವಾಸಿಗಳು ಪ್ರತಿಭಟನೆ ನಡೆಸಿದರು. ಅರಣ್ಯ ಹಕ್ಕು ಸಮಿತಿ ಸದಸ್ಯರು ಹಾಗೂ ಮುಖಂಡರು ಭಾಗವಹಿಸಿ ಸರ್ಕಾರಕ್ಕೆ ಒತ್ತಾಯ ಪೂರ್ವಕ ಮನವಿ ಸಲ್ಲಿಸಿದರು. ಅರಣ್ಯವಾಸಿ ಆದಿವಾಸಿಗಳಿಗೆ ಅರಣ್ಯ ಹಕ್ಕು ಕಾಯ್ದೆಯಡಿ ಹಕ್ಕುಪತ್ರ ನೀಡುವಂತೆ ಆಗ್ರಹಿಸಿ ಹಾಡಿ ನಿವಾಸಿಗಳು ಪ್ರತಿಭಟನೆ ನಡೆಸಿದರು. ಅರಣ್ಯ ಹಕ್ಕು ಸಮಿತಿ ಸದಸ್ಯರು ಹಾಗೂ ಮುಖಂಡರು ಭಾಗವಹಿಸಿ ಸರ್ಕಾರಕ್ಕೆ ಒತ್ತಾಯ ಪೂರ್ವಕ ಮನವಿ ಸಲ್ಲಿಸಿದರು. ಅರಣ್ಯವಾಸಿ ಆದಿವಾಸಿಗಳಿಗೆ ಅರಣ್ಯ ಹಕ್ಕು ಕಾಯ್ದೆಯಡಿ ಹಕ್ಕುಪತ್ರ ನೀಡುವಂತೆ ಆಗ್ರಹಿಸಿ ಹಾಡಿ ನಿವಾಸಿಗಳು ಪ್ರತಿಭಟನೆ ನಡೆಸಿದರು. ಅರಣ್ಯ ಹಕ್ಕು ಸಮಿತಿ ಸದಸ್ಯರು ಹಾಗೂ ಮುಖಂಡರು ಭಾಗವಹಿಸಿ ಸರ್ಕಾರಕ್ಕೆ ಒತ್ತಾಯ ಪೂರ್ವಕ ಮನವಿ ಸಲ್ಲಿಸಿದರು. ಅರಣ್ಯವಾಸಿ ಆದಿವಾಸಿಗಳಿಗೆ ಅರಣ್ಯ ಹಕ್ಕು ಕಾಯ್ದೆಯಡಿ ಹಕ್ಕುಪತ್ರ ನೀಡುವಂತೆ ಆಗ್ರಹಿಸಿ ಹಾಡಿ ನಿವಾಸಿಗಳು ಪ್ರತಿಭಟನೆ ನಡೆಸಿದರು. ಅರಣ್ಯ ಹಕ್ಕು ಸಮಿತಿ ಸದಸ್ಯರು ಹಾಗೂ ಮುಖಂಡರು ಭಾಗವಹಿಸಿ ಸರ್ಕಾರಕ್ಕೆ ಒತ್ತಾಯ ಪೂರ್ವಕ ಮನವಿ ಸಲ್ಲಿಸಿದರು. ಅರಣ್ಯವಾಸಿ ಆದಿವಾಸಿಗಳಿಗೆ ಅರಣ್ಯ ಹಕ್ಕು ಕಾಯ್ದೆಯಡಿ ಹಕ್ಕುಪತ್ರ ನೀಡುವಂತೆ ಆಗ್ರಹಿಸಿ ಹಾಡಿ ನಿವಾಸಿಗಳು ಪ್ರತಿಭಟನೆ ನಡೆಸಿದರು. ಅರಣ್ಯ ಹಕ್ಕು ಸಮಿತಿ ಸದಸ್ಯರು ಹಾಗೂ ಮುಖಂಡರು ಭಾಗವಹಿಸಿ ಸರ್ಕಾರಕ್ಕೆ ಒತ್ತಾಯ ಪೂರ್ವಕ ಮನವಿ ಸಲ್ಲಿಸಿದರು.
